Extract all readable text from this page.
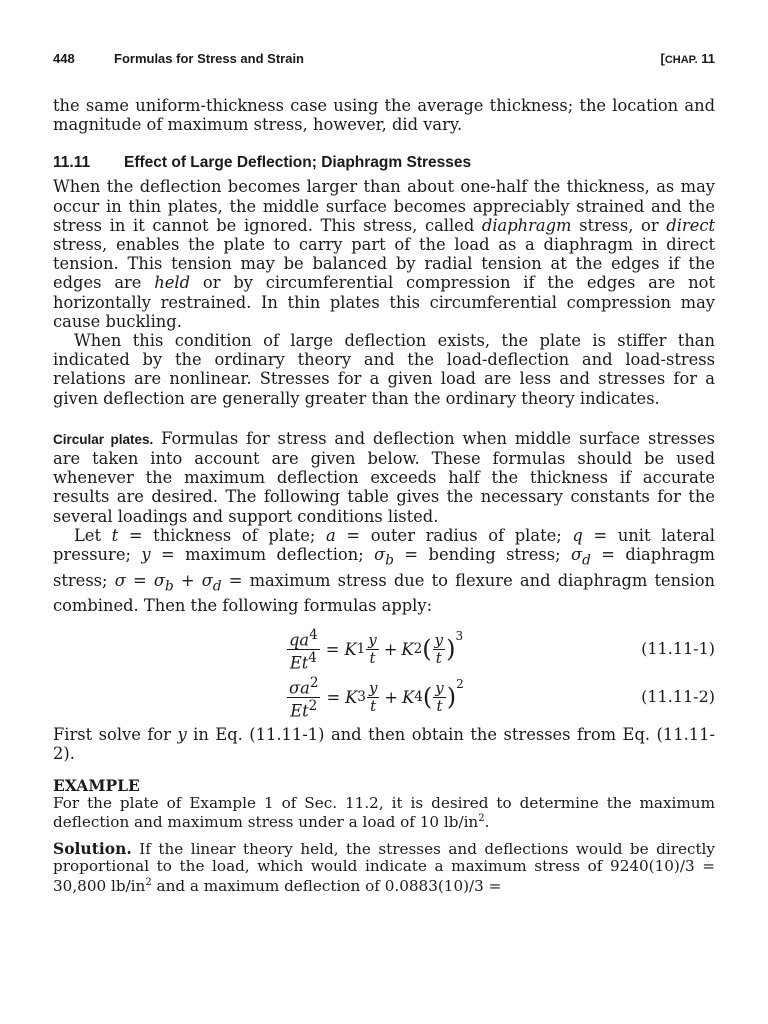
448	Formulas for Stress and Strain	[CHAP. 11

the same uniform-thickness case using the average thickness; the location and magnitude of maximum stress, however, did vary.

11.11 Effect of Large Deflection; Diaphragm Stresses

When the deflection becomes larger than about one-half the thickness, as may occur in thin plates, the middle surface becomes appreciably strained and the stress in it cannot be ignored. This stress, called diaphragm stress, or direct stress, enables the plate to carry part of the load as a diaphragm in direct tension. This tension may be balanced by radial tension at the edges if the edges are held or by circumferential compression if the edges are not horizontally restrained. In thin plates this circumferential compression may cause buckling.

When this condition of large deflection exists, the plate is stiffer than indicated by the ordinary theory and the load-deflection and load-stress relations are nonlinear. Stresses for a given load are less and stresses for a given deflection are generally greater than the ordinary theory indicates.

Circular plates. Formulas for stress and deflection when middle surface stresses are taken into account are given below. These formulas should be used whenever the maximum deflection exceeds half the thickness if accurate results are desired. The following table gives the necessary constants for the several loadings and support conditions listed.

Let t = thickness of plate; a = outer radius of plate; q = unit lateral pressure; y = maximum deflection; $\sigma_b$ = bending stress; $\sigma_d$ = diaphragm stress; $\sigma = \sigma_b + \sigma_d$ = maximum stress due to flexure and diaphragm tension combined. Then the following formulas apply:

$\frac{qa^4}{Et^4} = K$ $1 \frac{y}{t} + K$ 2 ( $\frac{y}{t} )^3$
(11.11-1)
$\frac{\sigma a^2}{Et^2} = K$ $3 \frac{y}{t} + K$ 4 ( $\frac{y}{t} )^2$
(11.11-2)

First solve for y in Eq. (11.11-1) and then obtain the stresses from Eq. (11.11-2).

EXAMPLE

For the plate of Example 1 of Sec. 11.2, it is desired to determine the maximum deflection and maximum stress under a load of 10 $lb/in^2$.

Solution. If the linear theory held, the stresses and deflections would be directly proportional to the load, which would indicate a maximum stress of 9240(10)/3 = 30,800 $lb/in^2$ and a maximum deflection of 0.0883(10)/3 =
